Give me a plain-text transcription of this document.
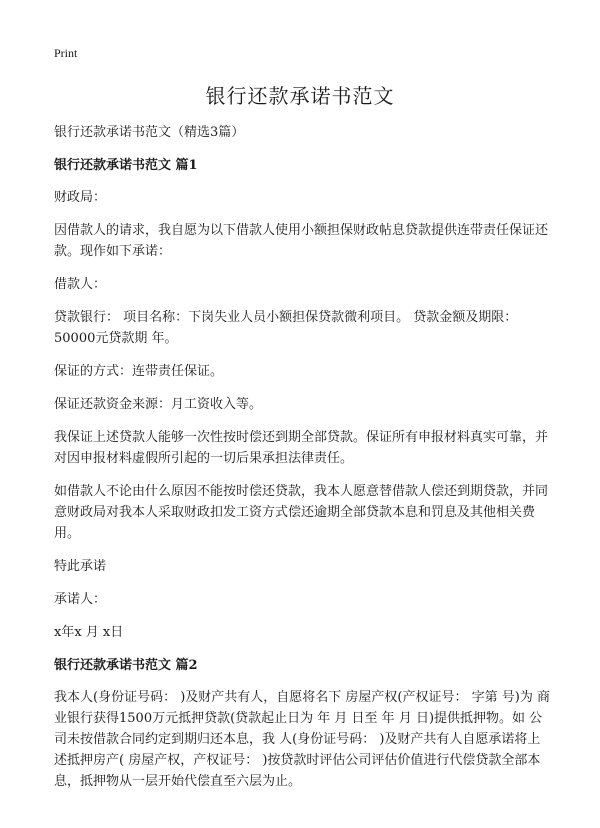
Print
银行还款承诺书范文

银行还款承诺书范文（精选3篇）

银行还款承诺书范文 篇1

财政局：

因借款人的请求，我自愿为以下借款人使用小额担保财政帖息贷款提供连带责任保证还款。现作如下承诺：

借款人：

贷款银行： 项目名称：下岗失业人员小额担保贷款微利项目。 贷款金额及期限：50000元贷款期 年。

保证的方式：连带责任保证。

保证还款资金来源：月工资收入等。

我保证上述贷款人能够一次性按时偿还到期全部贷款。保证所有申报材料真实可靠，并对因申报材料虚假所引起的一切后果承担法律责任。

如借款人不论由什么原因不能按时偿还贷款，我本人愿意替借款人偿还到期贷款，并同意财政局对我本人采取财政扣发工资方式偿还逾期全部贷款本息和罚息及其他相关费用。

特此承诺

承诺人：

x年x 月 x日

银行还款承诺书范文 篇2

我本人(身份证号码： )及财产共有人，自愿将名下 房屋产权(产权证号： 字第 号)为 商业银行获得1500万元抵押贷款(贷款起止日为 年 月 日至 年 月 日)提供抵押物。如 公司未按借款合同约定到期归还本息，我 人(身份证号码： )及财产共有人自愿承诺将上述抵押房产( 房屋产权，产权证号： )按贷款时评估公司评估价值进行代偿贷款全部本息，抵押物从一层开始代偿直至六层为止。
